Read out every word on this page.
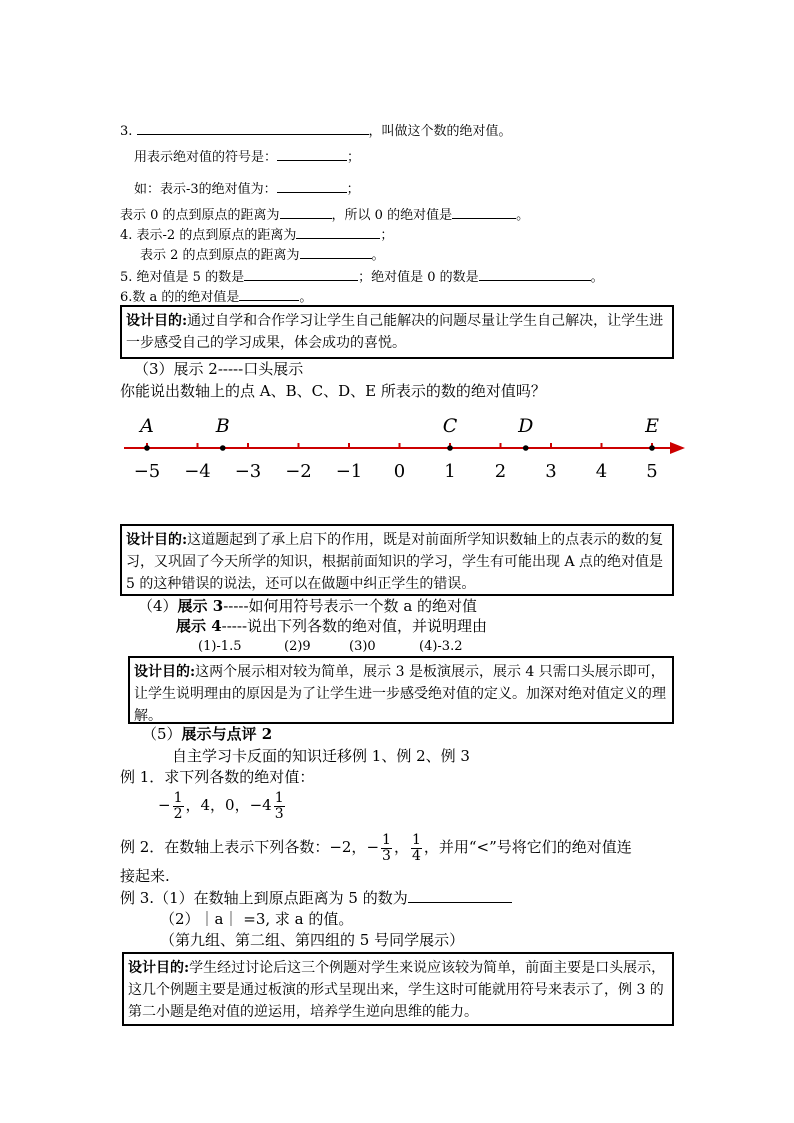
3.	，叫做这个数的绝对值。
用表示绝对值的符号是：	；
如：表示-3的绝对值为：	；
表示 0 的点到原点的距离为	，所以 0 的绝对值是	。
4. 表示-2 的点到原点的距离为	；
表示 2 的点到原点的距离为	。
5. 绝对值是 5 的数是	；绝对值是 0 的数是	。
6.数 a 的的绝对值是	。
设计目的:通过自学和合作学习让学生自己能解决的问题尽量让学生自己解决，让学生进一步感受自己的学习成果，体会成功的喜悦。
（3）展示 2-----口头展示
你能说出数轴上的点 A、B、C、D、E 所表示的数的绝对值吗？
−5 −4 −3 −2 −1 0 1 2 3 4 5
A	B	C	D	E
设计目的:这道题起到了承上启下的作用，既是对前面所学知识数轴上的点表示的数的复习，又巩固了今天所学的知识，根据前面知识的学习，学生有可能出现 A 点的绝对值是 5 的这种错误的说法，还可以在做题中纠正学生的错误。
（4）展示 3-----如何用符号表示一个数 a 的绝对值
展示 4-----说出下列各数的绝对值，并说明理由
(1)-1.5	(2)9	(3)0	(4)-3.2
设计目的:这两个展示相对较为简单，展示 3 是板演展示，展示 4 只需口头展示即可，让学生说明理由的原因是为了让学生进一步感受绝对值的定义。加深对绝对值定义的理解。
（5）展示与点评 2
自主学习卡反面的知识迁移例 1、例 2、例 3
例 1．求下列各数的绝对值：
− $\frac{1}{2}$ ，4，0，$-4 \frac{1}{3}$
例 2．在数轴上表示下列各数：−2，− $\frac{1}{3}$ ， $\frac{1}{4}$ ，并用“<”号将它们的绝对值连
接起来.
例 3.（1）在数轴上到原点距离为 5 的数为
（2）｜a｜ =3, 求 a 的值。
（第九组、第二组、第四组的 5 号同学展示）
设计目的:学生经过讨论后这三个例题对学生来说应该较为简单，前面主要是口头展示，这几个例题主要是通过板演的形式呈现出来，学生这时可能就用符号来表示了，例 3 的第二小题是绝对值的逆运用，培养学生逆向思维的能力。
